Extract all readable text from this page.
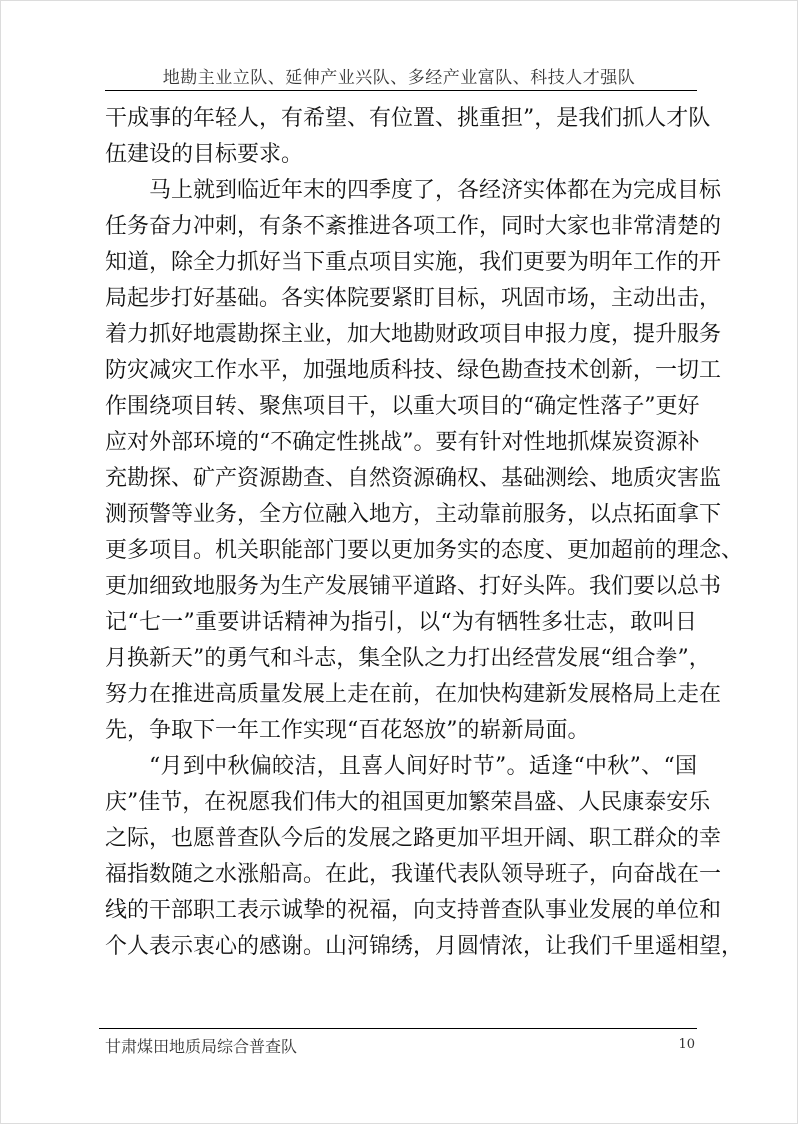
地勘主业立队、延伸产业兴队、多经产业富队、科技人才强队
干成事的年轻人，有希望、有位置、挑重担”，是我们抓人才队
伍建设的目标要求。
马上就到临近年末的四季度了，各经济实体都在为完成目标
任务奋力冲刺，有条不紊推进各项工作，同时大家也非常清楚的
知道，除全力抓好当下重点项目实施，我们更要为明年工作的开
局起步打好基础。各实体院要紧盯目标，巩固市场，主动出击，
着力抓好地震勘探主业，加大地勘财政项目申报力度，提升服务
防灾减灾工作水平，加强地质科技、绿色勘查技术创新，一切工
作围绕项目转、聚焦项目干，以重大项目的“确定性落子”更好
应对外部环境的“不确定性挑战”。要有针对性地抓煤炭资源补
充勘探、矿产资源勘查、自然资源确权、基础测绘、地质灾害监
测预警等业务，全方位融入地方，主动靠前服务，以点拓面拿下
更多项目。机关职能部门要以更加务实的态度、更加超前的理念、
更加细致地服务为生产发展铺平道路、打好头阵。我们要以总书
记“七一”重要讲话精神为指引，以“为有牺牲多壮志，敢叫日
月换新天”的勇气和斗志，集全队之力打出经营发展“组合拳”，
努力在推进高质量发展上走在前，在加快构建新发展格局上走在
先，争取下一年工作实现“百花怒放”的崭新局面。
“月到中秋偏皎洁，且喜人间好时节”。适逢“中秋”、“国
庆”佳节，在祝愿我们伟大的祖国更加繁荣昌盛、人民康泰安乐
之际，也愿普查队今后的发展之路更加平坦开阔、职工群众的幸
福指数随之水涨船高。在此，我谨代表队领导班子，向奋战在一
线的干部职工表示诚挚的祝福，向支持普查队事业发展的单位和
个人表示衷心的感谢。山河锦绣，月圆情浓，让我们千里遥相望，
甘肃煤田地质局综合普查队	10
